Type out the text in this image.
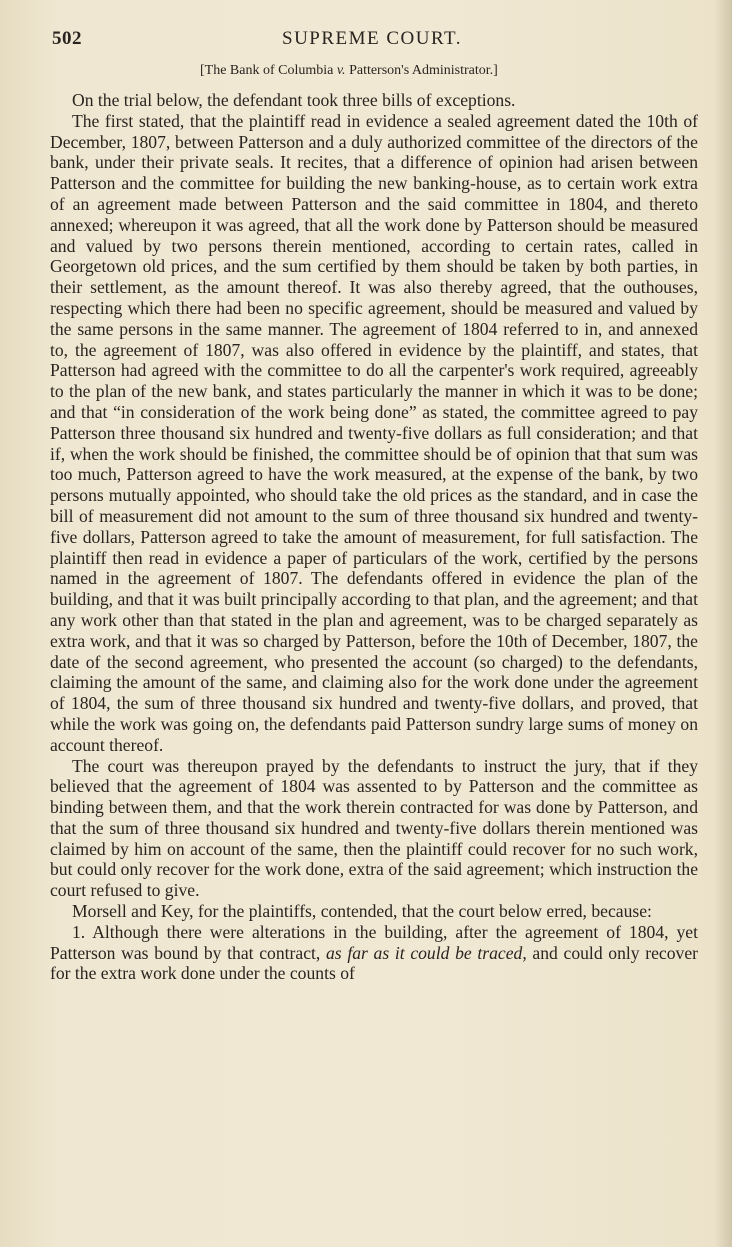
502	SUPREME COURT.
[The Bank of Columbia v. Patterson's Administrator.]

On the trial below, the defendant took three bills of exceptions.

The first stated, that the plaintiff read in evidence a sealed agreement dated the 10th of December, 1807, between Patterson and a duly authorized committee of the directors of the bank, under their private seals. It recites, that a difference of opinion had arisen between Patterson and the committee for building the new banking-house, as to certain work extra of an agreement made between Patterson and the said committee in 1804, and thereto annexed; whereupon it was agreed, that all the work done by Patterson should be measured and valued by two persons therein mentioned, according to certain rates, called in Georgetown old prices, and the sum certified by them should be taken by both parties, in their settlement, as the amount thereof. It was also thereby agreed, that the outhouses, respecting which there had been no specific agreement, should be measured and valued by the same persons in the same manner. The agreement of 1804 referred to in, and annexed to, the agreement of 1807, was also offered in evidence by the plaintiff, and states, that Patterson had agreed with the committee to do all the carpenter's work required, agreeably to the plan of the new bank, and states particularly the manner in which it was to be done; and that “in consideration of the work being done” as stated, the committee agreed to pay Patterson three thousand six hundred and twenty-five dollars as full consideration; and that if, when the work should be finished, the committee should be of opinion that that sum was too much, Patterson agreed to have the work measured, at the expense of the bank, by two persons mutually appointed, who should take the old prices as the standard, and in case the bill of measurement did not amount to the sum of three thousand six hundred and twenty-five dollars, Patterson agreed to take the amount of measurement, for full satisfaction. The plaintiff then read in evidence a paper of particulars of the work, certified by the persons named in the agreement of 1807. The defendants offered in evidence the plan of the building, and that it was built principally according to that plan, and the agreement; and that any work other than that stated in the plan and agreement, was to be charged separately as extra work, and that it was so charged by Patterson, before the 10th of December, 1807, the date of the second agreement, who presented the account (so charged) to the defendants, claiming the amount of the same, and claiming also for the work done under the agreement of 1804, the sum of three thousand six hundred and twenty-five dollars, and proved, that while the work was going on, the defendants paid Patterson sundry large sums of money on account thereof.

The court was thereupon prayed by the defendants to instruct the jury, that if they believed that the agreement of 1804 was assented to by Patterson and the committee as binding between them, and that the work therein contracted for was done by Patterson, and that the sum of three thousand six hundred and twenty-five dollars therein mentioned was claimed by him on account of the same, then the plaintiff could recover for no such work, but could only recover for the work done, extra of the said agreement; which instruction the court refused to give.

Morsell and Key, for the plaintiffs, contended, that the court below erred, because:

1. Although there were alterations in the building, after the agreement of 1804, yet Patterson was bound by that contract, as far as it could be traced, and could only recover for the extra work done under the counts of
